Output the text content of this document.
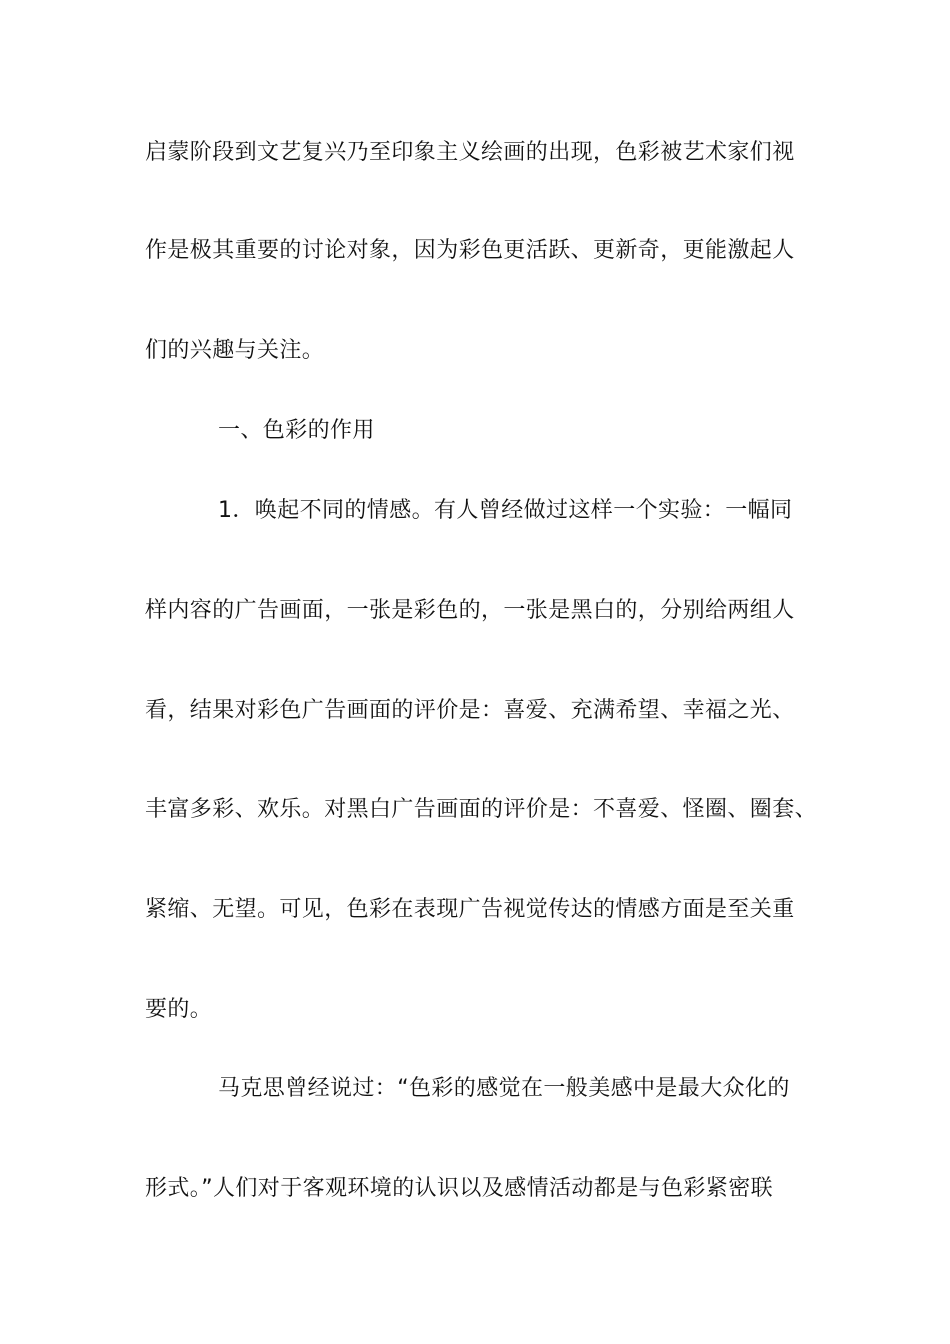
启蒙阶段到文艺复兴乃至印象主义绘画的出现，色彩被艺术家们视
作是极其重要的讨论对象，因为彩色更活跃、更新奇，更能激起人
们的兴趣与关注。
一、色彩的作用
1．唤起不同的情感。有人曾经做过这样一个实验：一幅同
样内容的广告画面，一张是彩色的，一张是黑白的，分别给两组人
看，结果对彩色广告画面的评价是：喜爱、充满希望、幸福之光、
丰富多彩、欢乐。对黑白广告画面的评价是：不喜爱、怪圈、圈套、
紧缩、无望。可见，色彩在表现广告视觉传达的情感方面是至关重
要的。
马克思曾经说过：“色彩的感觉在一般美感中是最大众化的
形式。”人们对于客观环境的认识以及感情活动都是与色彩紧密联
